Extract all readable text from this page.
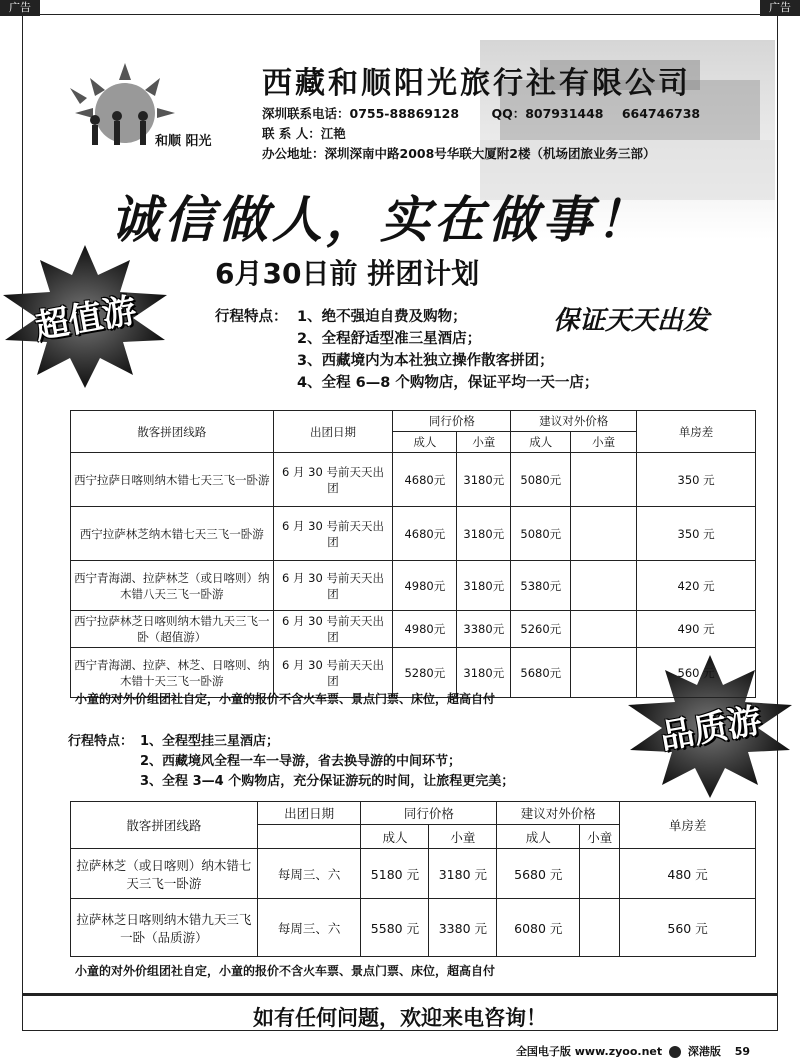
广告	广告
和顺 阳光
西藏和顺阳光旅行社有限公司
深圳联系电话：0755-88869128	QQ：807931448 664746738
联 系 人：江艳
办公地址：深圳深南中路2008号华联大厦附2楼（机场团旅业务三部）
诚信做人，实在做事！
6月30日前 拼团计划
超值游
品质游
保证天天出发
行程特点： 1、绝不强迫自费及购物；
2、全程舒适型准三星酒店；
3、西藏境内为本社独立操作散客拼团；
4、全程 6—8 个购物店，保证平均一天一店；
散客拼团线路	出团日期	同行价格		建议对外价格		单房差
		成人	小童	成人	小童	
西宁拉萨日喀则纳木错七天三飞一卧游	6 月 30 号前天天出团	4680元	3180元	5080元		350 元
西宁拉萨林芝纳木错七天三飞一卧游	6 月 30 号前天天出团	4680元	3180元	5080元		350 元
西宁青海湖、拉萨林芝（或日喀则）纳木错八天三飞一卧游	6 月 30 号前天天出团	4980元	3180元	5380元		420 元
西宁拉萨林芝日喀则纳木错九天三飞一卧（超值游）	6 月 30 号前天天出团	4980元	3380元	5260元		490 元
西宁青海湖、拉萨、林芝、日喀则、纳木错十天三飞一卧游	6 月 30 号前天天出团	5280元	3180元	5680元		560 元
小童的对外价组团社自定，小童的报价不含火车票、景点门票、床位，超高自付
行程特点： 1、全程型挂三星酒店；
2、西藏境风全程一车一导游，省去换导游的中间环节；
3、全程 3—4 个购物店，充分保证游玩的时间，让旅程更完美；
散客拼团线路	出团日期	同行价格		建议对外价格		单房差
		成人	小童	成人	小童	
拉萨林芝（或日喀则）纳木错七天三飞一卧游	每周三、六	5180 元	3180 元	5680 元		480 元
拉萨林芝日喀则纳木错九天三飞一卧（品质游）	每周三、六	5580 元	3380 元	6080 元		560 元
小童的对外价组团社自定，小童的报价不含火车票、景点门票、床位，超高自付
如有任何问题，欢迎来电咨询！
全国电子版 www.zyoo.net 深港版 59
